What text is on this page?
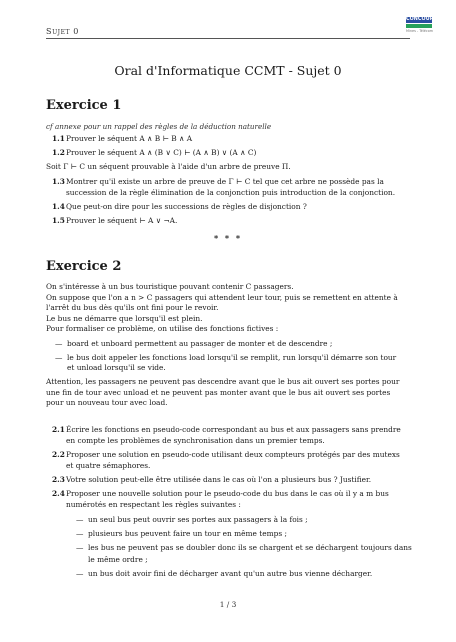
Sujet 0
CONCOURS
Mines - Télécom
Oral d'Informatique CCMT - Sujet 0
Exercice 1
cf annexe pour un rappel des règles de la déduction naturelle
1.1Prouver le séquent A ∧ B ⊢ B ∧ A
1.2Prouver le séquent A ∧ (B ∨ C) ⊢ (A ∧ B) ∨ (A ∧ C)
Soit Γ ⊢ C un séquent prouvable à l'aide d'un arbre de preuve Π.
1.3Montrer qu'il existe un arbre de preuve de Γ ⊢ C tel que cet arbre ne possède pas la
succession de la règle élimination de la conjonction puis introduction de la conjonction.
1.4Que peut-on dire pour les successions de règles de disjonction ?
1.5Prouver le séquent ⊢ A ∨ ¬A.
* * *
Exercice 2
On s'intéresse à un bus touristique pouvant contenir C passagers.
On suppose que l'on a n > C passagers qui attendent leur tour, puis se remettent en attente à
l'arrêt du bus dès qu'ils ont fini pour le revoir.
Le bus ne démarre que lorsqu'il est plein.
Pour formaliser ce problème, on utilise des fonctions fictives :
— board et unboard permettent au passager de monter et de descendre ;
— le bus doit appeler les fonctions load lorsqu'il se remplit, run lorsqu'il démarre son tour
et unload lorsqu'il se vide.
Attention, les passagers ne peuvent pas descendre avant que le bus ait ouvert ses portes pour
une fin de tour avec unload et ne peuvent pas monter avant que le bus ait ouvert ses portes
pour un nouveau tour avec load.
2.1Écrire les fonctions en pseudo-code correspondant au bus et aux passagers sans prendre
en compte les problèmes de synchronisation dans un premier temps.
2.2Proposer une solution en pseudo-code utilisant deux compteurs protégés par des mutexs
et quatre sémaphores.
2.3Votre solution peut-elle être utilisée dans le cas où l'on a plusieurs bus ? Justifier.
2.4Proposer une nouvelle solution pour le pseudo-code du bus dans le cas où il y a m bus
numérotés en respectant les règles suivantes :
— un seul bus peut ouvrir ses portes aux passagers à la fois ;
— plusieurs bus peuvent faire un tour en même temps ;
— les bus ne peuvent pas se doubler donc ils se chargent et se déchargent toujours dans
le même ordre ;
— un bus doit avoir fini de décharger avant qu'un autre bus vienne décharger.
1 / 3
